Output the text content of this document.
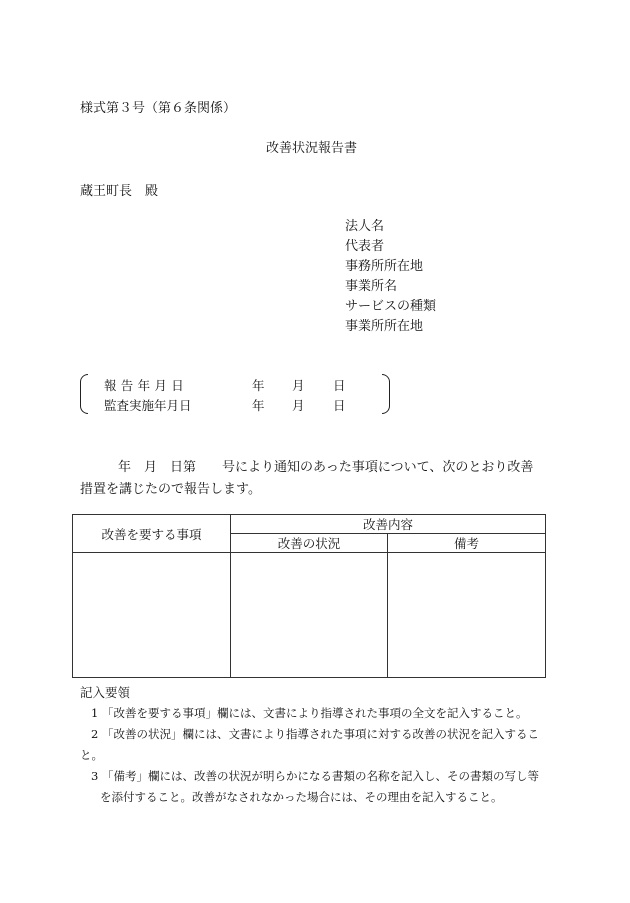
様式第３号（第６条関係）
改善状況報告書
蔵王町長　殿
法人名
代表者
事務所所在地
事業所名
サービスの種類
事業所所在地
報告年月日	年 月 日
監査実施年月日	年 月 日
年　月　日第　　号により通知のあった事項について、次のとおり改善
措置を講じたので報告します。
改善を要する事項	改善内容	
	改善の状況	備考

記入要領
1 「改善を要する事項」欄には、文書により指導された事項の全文を記入すること。
2 「改善の状況」欄には、文書により指導された事項に対する改善の状況を記入するこ
と。
3 「備考」欄には、改善の状況が明らかになる書類の名称を記入し、その書類の写し等
を添付すること。改善がなされなかった場合には、その理由を記入すること。
